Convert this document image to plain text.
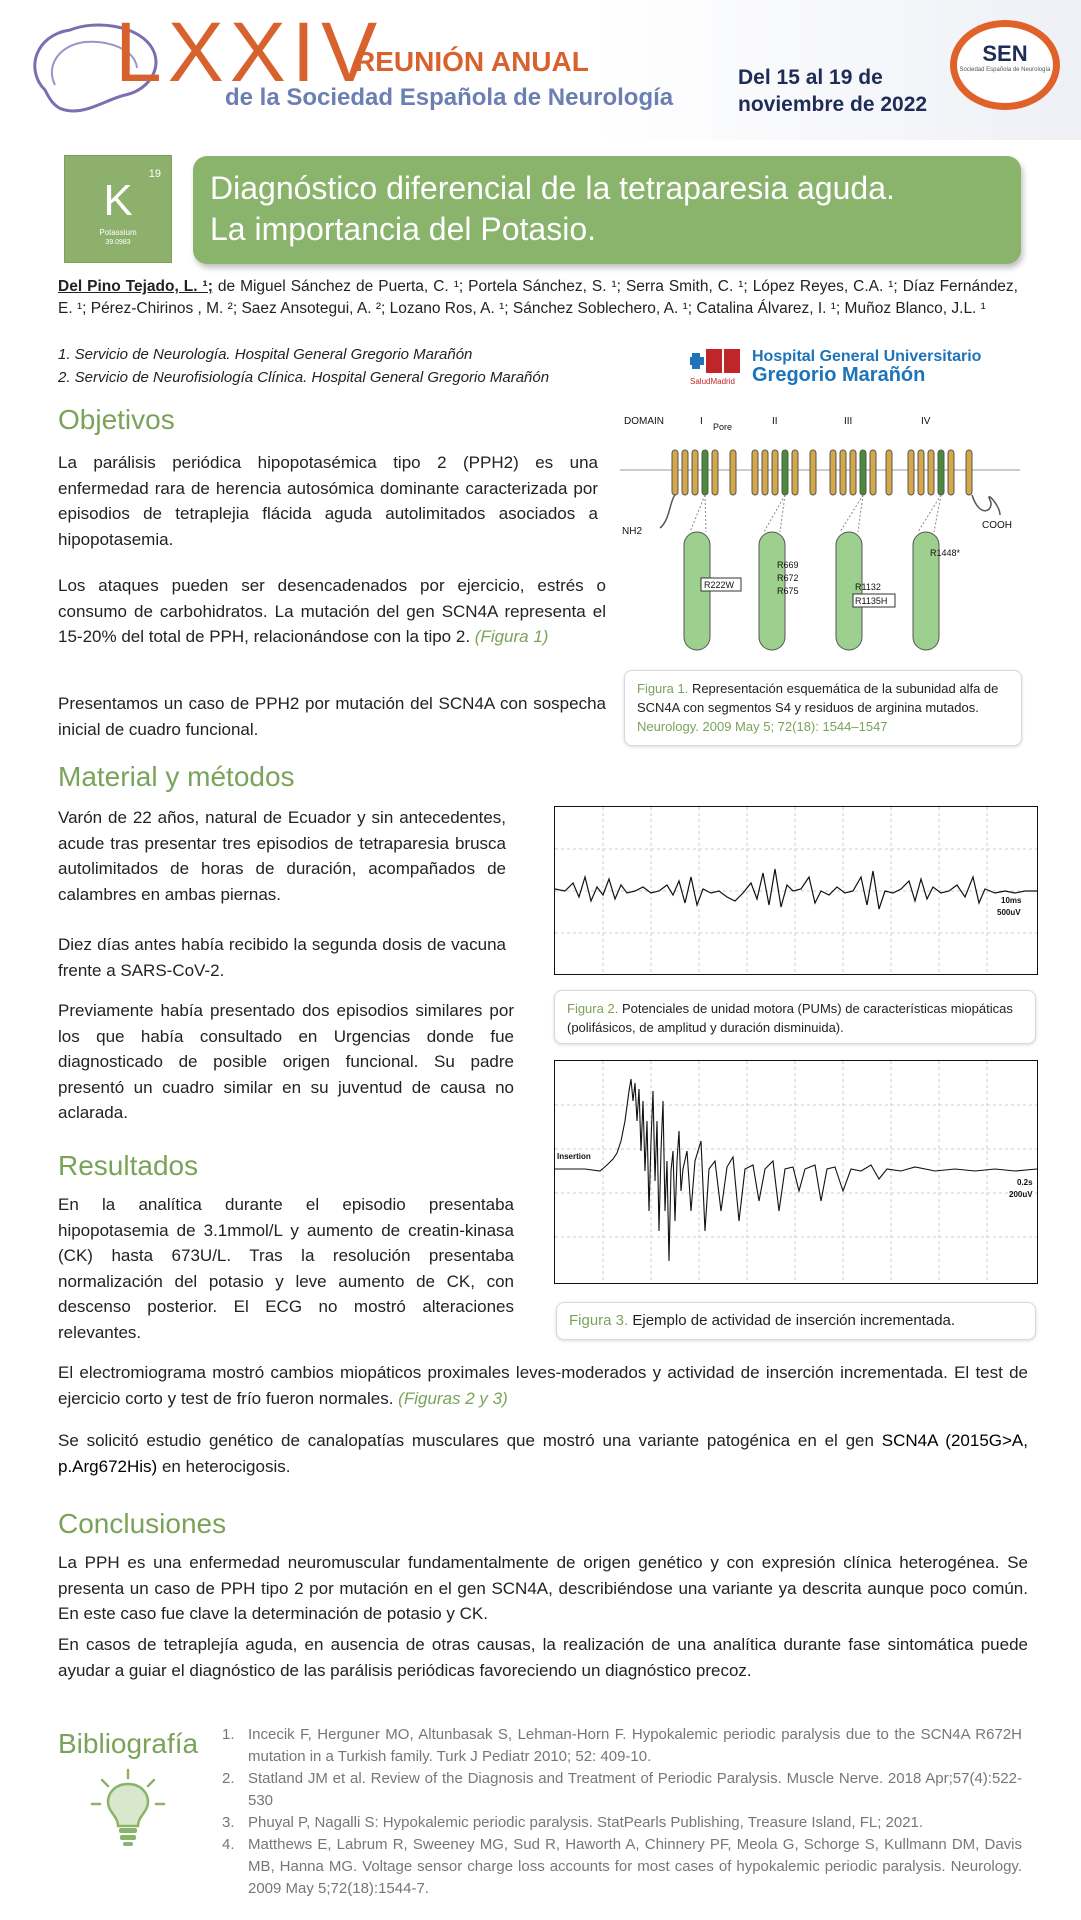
LXXIV
REUNIÓN ANUAL
de la Sociedad Española de Neurología
Del 15 al 19 de
noviembre de 2022
SEN
Sociedad Española de Neurología
19
K
Potassium
39.0983
Diagnóstico diferencial de la tetraparesia aguda.
La importancia del Potasio.
Del Pino Tejado, L. ¹; de Miguel Sánchez de Puerta, C. ¹; Portela Sánchez, S. ¹; Serra Smith, C. ¹; López Reyes, C.A. ¹; Díaz Fernández, E. ¹; Pérez-Chirinos , M. ²; Saez Ansotegui, A. ²; Lozano Ros, A. ¹; Sánchez Soblechero, A. ¹; Catalina Álvarez, I. ¹; Muñoz Blanco, J.L. ¹
1. Servicio de Neurología. Hospital General Gregorio Marañón
2. Servicio de Neurofisiología Clínica. Hospital General Gregorio Marañón	SaludMadrid
Hospital General Universitario
Gregorio Marañón
Objetivos
La parálisis periódica hipopotasémica tipo 2 (PPH2) es una enfermedad rara de herencia autosómica dominante caracterizada por episodios de tetraplejia flácida aguda autolimitados asociados a hipopotasemia.
Los ataques pueden ser desencadenados por ejercicio, estrés o consumo de carbohidratos. La mutación del gen SCN4A representa el 15-20% del total de PPH, relacionándose con la tipo 2. (Figura 1)
Presentamos un caso de PPH2 por mutación del SCN4A con sospecha inicial de cuadro funcional.
DOMAIN	I	II	III	IV
Pore
NH2
COOH
R222W
R669
R672
R675	R1132
R1135H
R1448*
Figura 1. Representación esquemática de la subunidad alfa de SCN4A con segmentos S4 y residuos de arginina mutados. Neurology. 2009 May 5; 72(18): 1544–1547
Material y métodos
Varón de 22 años, natural de Ecuador y sin antecedentes, acude tras presentar tres episodios de tetraparesia brusca autolimitados de horas de duración, acompañados de calambres en ambas piernas.
Diez días antes había recibido la segunda dosis de vacuna frente a SARS-CoV-2.
Previamente había presentado dos episodios similares por los que había consultado en Urgencias donde fue diagnosticado de posible origen funcional. Su padre presentó un cuadro similar en su juventud de causa no aclarada.
10ms
500uV
Figura 2. Potenciales de unidad motora (PUMs) de características miopáticas (polifásicos, de amplitud y duración disminuida).
Insertion
0.2s
200uV
Figura 3. Ejemplo de actividad de inserción incrementada.
Resultados
En la analítica durante el episodio presentaba hipopotasemia de 3.1mmol/L y aumento de creatin-kinasa (CK) hasta 673U/L. Tras la resolución presentaba normalización del potasio y leve aumento de CK, con descenso posterior. El ECG no mostró alteraciones relevantes.
El electromiograma mostró cambios miopáticos proximales leves-moderados y actividad de inserción incrementada. El test de ejercicio corto y test de frío fueron normales. (Figuras 2 y 3)
Se solicitó estudio genético de canalopatías musculares que mostró una variante patogénica en el gen SCN4A (2015G>A, p.Arg672His) en heterocigosis.
Conclusiones
La PPH es una enfermedad neuromuscular fundamentalmente de origen genético y con expresión clínica heterogénea. Se presenta un caso de PPH tipo 2 por mutación en el gen SCN4A, describiéndose una variante ya descrita aunque poco común. En este caso fue clave la determinación de potasio y CK.
En casos de tetraplejía aguda, en ausencia de otras causas, la realización de una analítica durante fase sintomática puede ayudar a guiar el diagnóstico de las parálisis periódicas favoreciendo un diagnóstico precoz.
Bibliografía 1. Incecik F, Herguner MO, Altunbasak S, Lehman-Horn F. Hypokalemic periodic paralysis due to the SCN4A R672H mutation in a Turkish family. Turk J Pediatr 2010; 52: 409-10.
2. Statland JM et al. Review of the Diagnosis and Treatment of Periodic Paralysis. Muscle Nerve. 2018 Apr;57(4):522-530
3. Phuyal P, Nagalli S: Hypokalemic periodic paralysis. StatPearls Publishing, Treasure Island, FL; 2021.
4. Matthews E, Labrum R, Sweeney MG, Sud R, Haworth A, Chinnery PF, Meola G, Schorge S, Kullmann DM, Davis MB, Hanna MG. Voltage sensor charge loss accounts for most cases of hypokalemic periodic paralysis. Neurology. 2009 May 5;72(18):1544-7.
